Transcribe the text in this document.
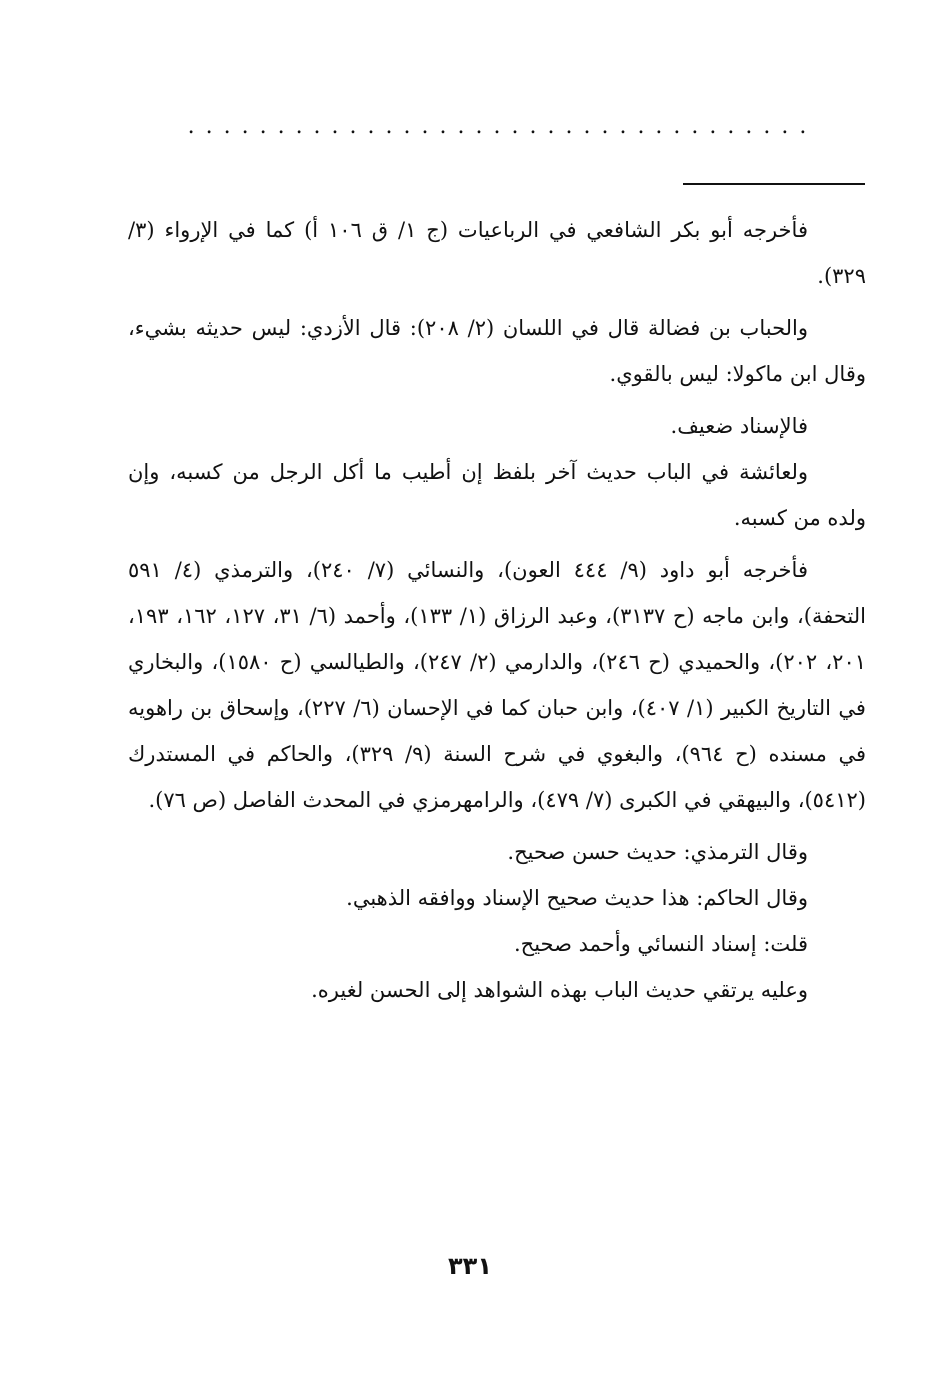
...................................

فأخرجه أبو بكر الشافعي في الرباعيات (ج ١/ ق ١٠٦ أ) كما في الإرواء (٣/ ٣٢٩).

والحباب بن فضالة قال في اللسان (٢/ ٢٠٨): قال الأزدي: ليس حديثه بشيء، وقال ابن ماكولا: ليس بالقوي.

فالإسناد ضعيف.

ولعائشة في الباب حديث آخر بلفظ إن أطيب ما أكل الرجل من كسبه، وإن ولده من كسبه.

فأخرجه أبو داود (٩/ ٤٤٤ العون)، والنسائي (٧/ ٢٤٠)، والترمذي (٤/ ٥٩١ التحفة)، وابن ماجه (ح ٣١٣٧)، وعبد الرزاق (١/ ١٣٣)، وأحمد (٦/ ٣١، ١٢٧، ١٦٢، ١٩٣، ٢٠١، ٢٠٢)، والحميدي (ح ٢٤٦)، والدارمي (٢/ ٢٤٧)، والطيالسي (ح ١٥٨٠)، والبخاري في التاريخ الكبير (١/ ٤٠٧)، وابن حبان كما في الإحسان (٦/ ٢٢٧)، وإسحاق بن راهويه في مسنده (ح ٩٦٤)، والبغوي في شرح السنة (٩/ ٣٢٩)، والحاكم في المستدرك (٥٤١٢)، والبيهقي في الكبرى (٧/ ٤٧٩)، والرامهرمزي في المحدث الفاصل (ص ٧٦).

وقال الترمذي: حديث حسن صحيح.

وقال الحاكم: هذا حديث صحيح الإسناد ووافقه الذهبي.

قلت: إسناد النسائي وأحمد صحيح.

وعليه يرتقي حديث الباب بهذه الشواهد إلى الحسن لغيره.

٣٣١
